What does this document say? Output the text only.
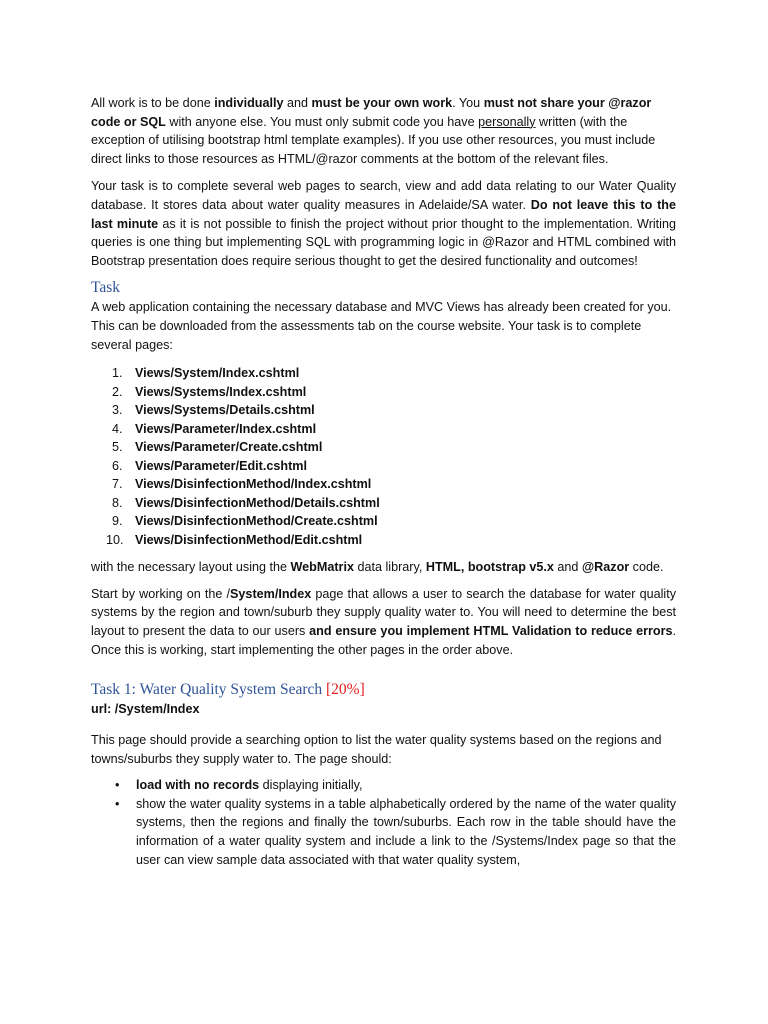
All work is to be done individually and must be your own work. You must not share your @razor code or SQL with anyone else. You must only submit code you have personally written (with the exception of utilising bootstrap html template examples). If you use other resources, you must include direct links to those resources as HTML/@razor comments at the bottom of the relevant files.

Your task is to complete several web pages to search, view and add data relating to our Water Quality database. It stores data about water quality measures in Adelaide/SA water. Do not leave this to the last minute as it is not possible to finish the project without prior thought to the implementation. Writing queries is one thing but implementing SQL with programming logic in @Razor and HTML combined with Bootstrap presentation does require serious thought to get the desired functionality and outcomes!

Task

A web application containing the necessary database and MVC Views has already been created for you. This can be downloaded from the assessments tab on the course website. Your task is to complete several pages:

1. Views/System/Index.cshtml
2. Views/Systems/Index.cshtml
3. Views/Systems/Details.cshtml
4. Views/Parameter/Index.cshtml
5. Views/Parameter/Create.cshtml
6. Views/Parameter/Edit.cshtml
7. Views/DisinfectionMethod/Index.cshtml
8. Views/DisinfectionMethod/Details.cshtml
9. Views/DisinfectionMethod/Create.cshtml
10. Views/DisinfectionMethod/Edit.cshtml

with the necessary layout using the WebMatrix data library, HTML, bootstrap v5.x and @Razor code.

Start by working on the /System/Index page that allows a user to search the database for water quality systems by the region and town/suburb they supply quality water to. You will need to determine the best layout to present the data to our users and ensure you implement HTML Validation to reduce errors. Once this is working, start implementing the other pages in the order above.

Task 1: Water Quality System Search [20%]
url: /System/Index

This page should provide a searching option to list the water quality systems based on the regions and towns/suburbs they supply water to. The page should:

• load with no records displaying initially,
• show the water quality systems in a table alphabetically ordered by the name of the water quality systems, then the regions and finally the town/suburbs. Each row in the table should have the information of a water quality system and include a link to the /Systems/Index page so that the user can view sample data associated with that water quality system,
